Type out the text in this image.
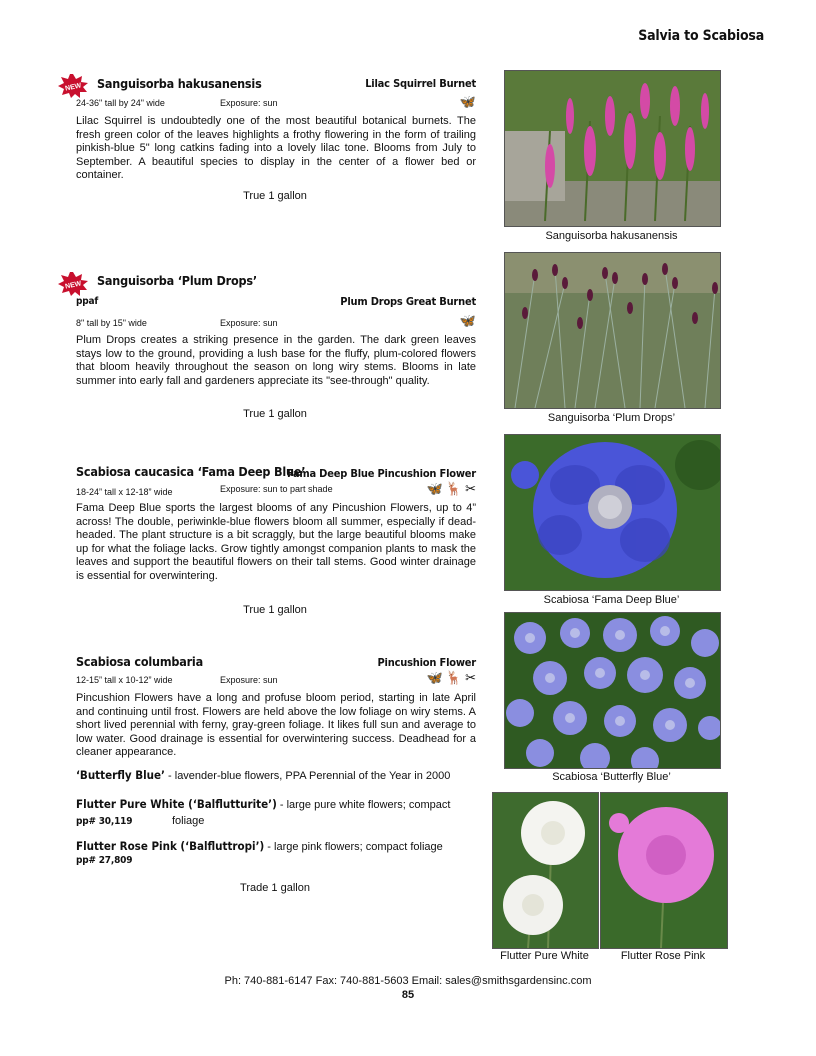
Salvia to Scabiosa
NEW Sanguisorba hakusanensis	Lilac Squirrel Burnet
24-36" tall by 24" wide	Exposure: sun	🦋
Lilac Squirrel is undoubtedly one of the most beautiful botanical burnets. The fresh green color of the leaves highlights a frothy flowering in the form of trailing pinkish-blue 5" long catkins fading into a lovely lilac tone. Blooms from July to September. A beautiful species to display in the center of a flower bed or container.
True 1 gallon
Sanguisorba hakusanensis
NEW Sanguisorba ‘Plum Drops’
ppaf	Plum Drops Great Burnet
8" tall by 15" wide	Exposure: sun	🦋
Plum Drops creates a striking presence in the garden. The dark green leaves stays low to the ground, providing a lush base for the fluffy, plum-colored flowers that bloom heavily throughout the season on long wiry stems. Blooms in late summer into early fall and gardeners appreciate its "see-through" quality.
True 1 gallon	Sanguisorba ‘Plum Drops’
Scabiosa caucasica ‘Fama Deep Blue’
Fama Deep Blue Pincushion Flower
18-24” tall x 12-18” wide	Exposure: sun to part shade	🦋 🦌 ✂
Fama Deep Blue sports the largest blooms of any Pincushion Flowers, up to 4” across! The double, periwinkle-blue flowers bloom all summer, especially if dead-headed. The plant structure is a bit scraggly, but the large beautiful blooms make up for what the foliage lacks. Grow tightly amongst companion plants to mask the leaves and support the beautiful flowers on their tall stems. Good winter drainage is essential for overwintering.
True 1 gallon
Scabiosa ‘Fama Deep Blue’
Scabiosa columbaria	Pincushion Flower
12-15” tall x 10-12” wide	Exposure: sun	🦋 🦌 ✂
Pincushion Flowers have a long and profuse bloom period, starting in late April and continuing until frost. Flowers are held above the low foliage on wiry stems. A short lived perennial with ferny, gray-green foliage. It likes full sun and average to low water. Good drainage is essential for overwintering success. Deadhead for a cleaner appearance.
‘Butterfly Blue’ - lavender-blue flowers, PPA Perennial of the Year in 2000
Flutter Pure White (‘Balflutturite’) - large pure white flowers; compact
pp# 30,119	foliage
Flutter Rose Pink (‘Balfluttropi’) - large pink flowers; compact foliage
pp# 27,809
Trade 1 gallon
Scabiosa ‘Butterfly Blue’
Flutter Pure White	Flutter Rose Pink
Ph: 740-881-6147 Fax: 740-881-5603 Email: sales@smithsgardensinc.com
85
